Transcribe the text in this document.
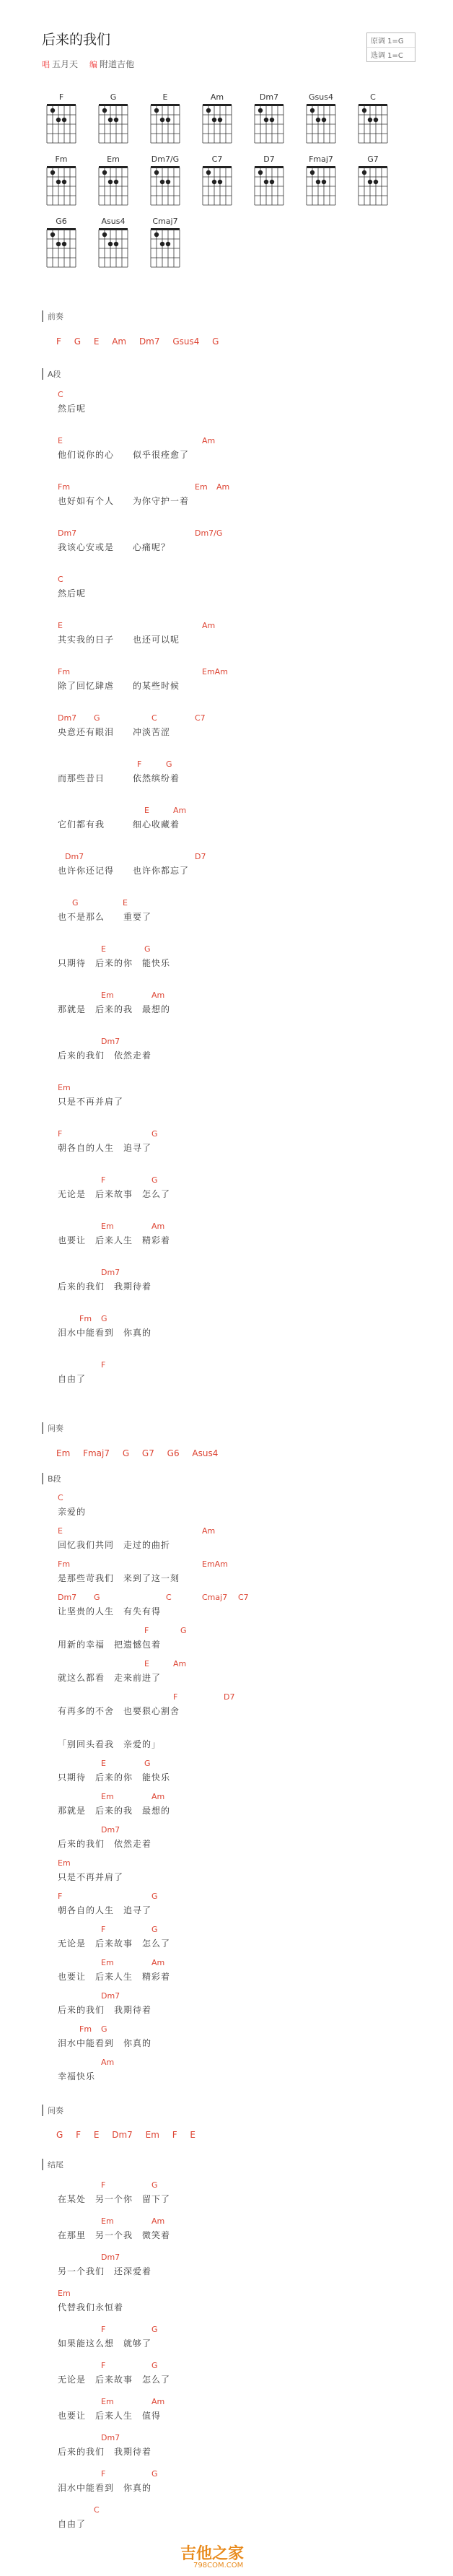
后来的我们
唱 五月天 编 附道吉他
原调 1=G
选调 1=C
F	G	E	Am	Dm7	Gsus4	C
Fm	Em	Dm7/G	C7	D7	Fmaj7	G7
G6	Asus4	Cmaj7
前奏
F G E Am Dm7 Gsus4 G
A段
C
然后呢
E	Am
他们说你的心　　似乎很痊愈了
Fm	Em Am
也好如有个人　　为你守护一着
Dm7	Dm7/G
我该心安或是　　心痛呢？
C
然后呢
E	Am
其实我的日子　　也还可以呢
Fm	EmAm
除了回忆肆虐　　的某些时候
Dm7 G	C	C7
央意还有眼泪　　冲淡苦涩
F	G
而那些昔日　　　依然缤纷着
E	Am
它们都有我　　　细心收藏着
Dm7	D7
也许你还记得　　也许你都忘了
G	E
也不是那么　　重要了
E	G
只期待　后来的你　能快乐
Em	Am
那就是　后来的我　最想的
Dm7
后来的我们　依然走着
Em
只是不再并肩了
F	G
朝各自的人生　追寻了
F	G
无论是　后来故事　怎么了
Em	Am
也要让　后来人生　精彩着
Dm7
后来的我们　我期待着
Fm G
泪水中能看到　你真的
F
自由了
间奏
Em Fmaj7 G G7 G6 Asus4
B段
C
亲爱的
E	Am
回忆我们共同　走过的曲折
Fm	EmAm
是那些苛我们　来到了这一刻
Dm7 G	C	Cmaj7 C7
让坚贵的人生　有失有得
F	G
用新的幸福　把遗憾包着
E	Am
就这么都看　走来前进了
F	D7
有再多的不舍　也要狠心割舍
「别回头看我　亲爱的」
E	G
只期待　后来的你　能快乐
Em	Am
那就是　后来的我　最想的
Dm7
后来的我们　依然走着
Em
只是不再并肩了
F	G
朝各自的人生　追寻了
F	G
无论是　后来故事　怎么了
Em	Am
也要让　后来人生　精彩着
Dm7
后来的我们　我期待着
Fm G
泪水中能看到　你真的
Am
幸福快乐
间奏
G F E Dm7 Em F E
结尾
F	G
在某处　另一个你　留下了
Em	Am
在那里　另一个我　微笑着
Dm7
另一个我们　还深爱着
Em
代替我们永恒着
F	G
如果能这么想　就够了
F	G
无论是　后来故事　怎么了
Em	Am
也要让　后来人生　值得
Dm7
后来的我们　我期待着
F	G
泪水中能看到　你真的
C
自由了
吉他之家
798COM.COM
